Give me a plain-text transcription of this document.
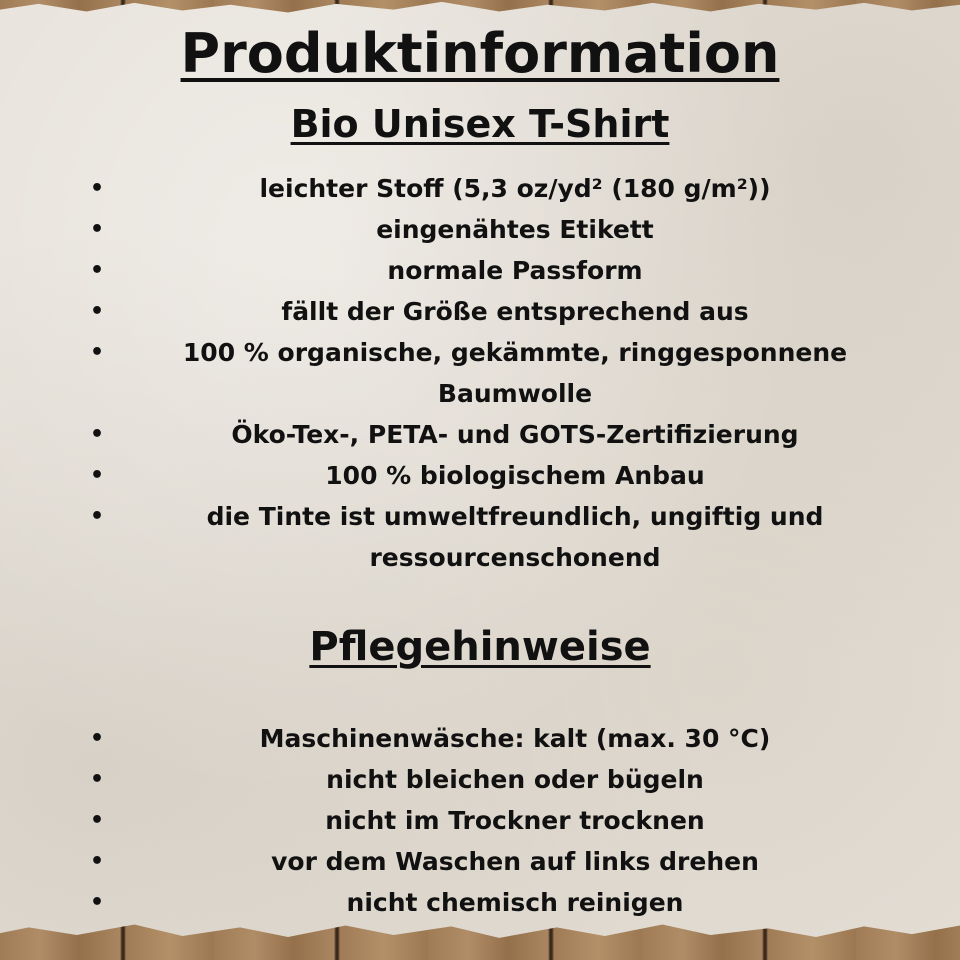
Produktinformation
Bio Unisex T-Shirt
•	leichter Stoff (5,3 oz/yd² (180 g/m²))
•	eingenähtes Etikett
•	normale Passform
•	fällt der Größe entsprechend aus
•	100 % organische, gekämmte, ringgesponnene Baumwolle
•	Öko-Tex-, PETA- und GOTS-Zertifizierung
•	100 % biologischem Anbau
•	die Tinte ist umweltfreundlich, ungiftig und ressourcenschonend
Pflegehinweise
•	Maschinenwäsche: kalt (max. 30 °C)
•	nicht bleichen oder bügeln
•	nicht im Trockner trocknen
•	vor dem Waschen auf links drehen
•	nicht chemisch reinigen
